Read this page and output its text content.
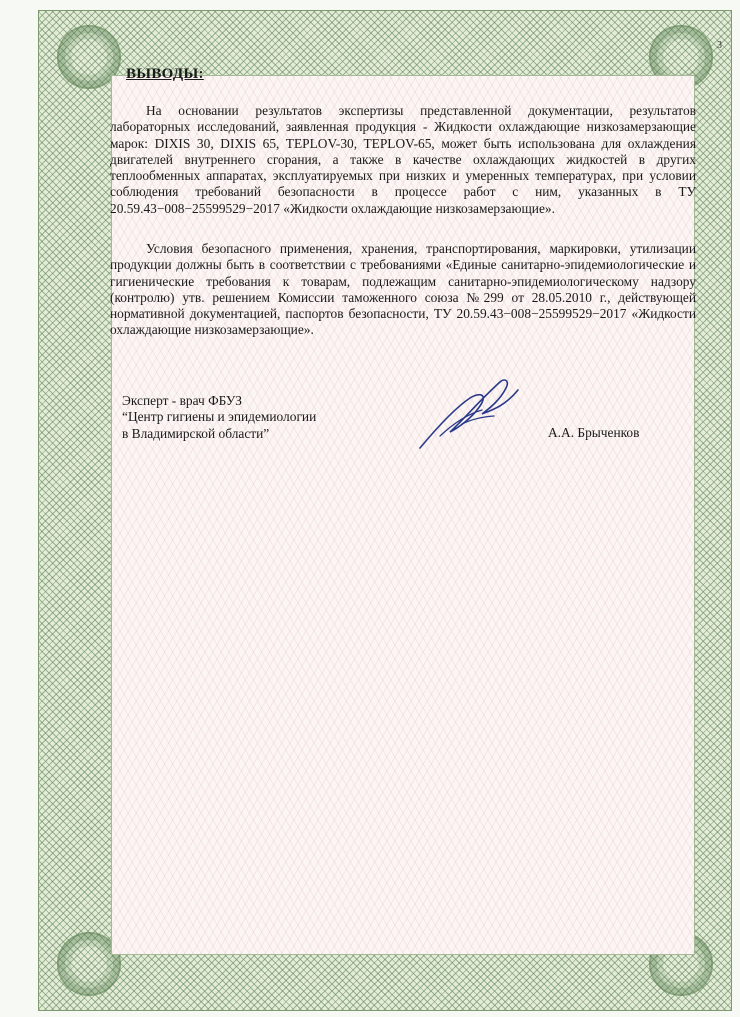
3
ВЫВОДЫ:

На основании результатов экспертизы представленной документации, результатов лабораторных исследований, заявленная продукция - Жидкости охлаждающие низкозамерзающие марок: DIXIS 30, DIXIS 65, TEPLOV-30, TEPLOV-65, может быть использована для охлаждения двигателей внутреннего сгорания, а также в качестве охлаждающих жидкостей в других теплообменных аппаратах, эксплуатируемых при низких и умеренных температурах, при условии соблюдения требований безопасности в процессе работ с ним, указанных в ТУ 20.59.43−008−25599529−2017 «Жидкости охлаждающие низкозамерзающие».

Условия безопасного применения, хранения, транспортирования, маркировки, утилизации продукции должны быть в соответствии с требованиями «Единые санитарно-эпидемиологические и гигиенические требования к товарам, подлежащим санитарно-эпидемиологическому надзору (контролю) утв. решением Комиссии таможенного союза №299 от 28.05.2010 г., действующей нормативной документацией, паспортов безопасности, ТУ 20.59.43−008−25599529−2017 «Жидкости охлаждающие низкозамерзающие».

Эксперт - врач ФБУЗ
“Центр гигиены и эпидемиологии
в Владимирской области”	А.А. Брыченков
